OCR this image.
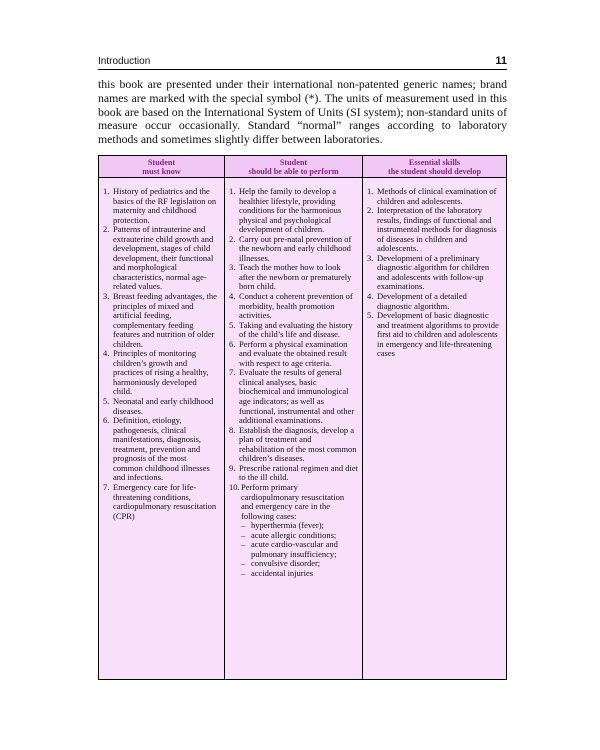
Introduction	11

this book are presented under their international non-patented generic names; brand names are marked with the special symbol (*). The units of measurement used in this book are based on the International System of Units (SI system); non-standard units of measure occur occasionally. Standard “normal” ranges according to laboratory methods and sometimes slightly differ between laboratories.

Student
must know
Student
should be able to perform
Essential skills
the student should develop
1. History of pediatrics and the basics of the RF legislation on maternity and childhood protection.
2. Patterns of intrauterine and extrauterine child growth and development, stages of child development, their functional and morphological characteristics, normal age-related values.
3. Breast feeding advantages, the principles of mixed and artificial feeding, complementary feeding features and nutrition of older children.
4. Principles of monitoring children’s growth and practices of rising a healthy, harmoniously developed child.
5. Neonatal and early childhood diseases.
6. Definition, etiology, pathogenesis, clinical manifestations, diagnosis, treatment, prevention and prognosis of the most common childhood illnesses and infections.
7. Emergency care for life-threatening conditions, cardiopulmonary resuscitation (CPR)
1. Help the family to develop a healthier lifestyle, providing conditions for the harmonious physical and psychological development of children.
2. Carry out pre-natal prevention of the newborn and early childhood illnesses.
3. Teach the mother how to look after the newborn or prematurely born child.
4. Conduct a coherent prevention of morbidity, health promotion activities.
5. Taking and evaluating the history of the child’s life and disease.
6. Perform a physical examination and evaluate the obtained result with respect to age criteria.
7. Evaluate the results of general clinical analyses, basic biochemical and immunological age indicators; as well as functional, instrumental and other additional examinations.
8. Establish the diagnosis, develop a plan of treatment and rehabilitation of the most common children’s diseases.
9. Prescribe rational regimen and diet to the ill child.
10. Perform primary cardiopulmonary resuscitation and emergency care in the following cases:
– hyperthermia (fever);
– acute allergic conditions;
– acute cardio-vascular and pulmonary insufficiency;
– convulsive disorder;
– accidental injuries
1. Methods of clinical examination of children and adolescents.
2. Interpretation of the laboratory results, findings of functional and instrumental methods for diagnosis of diseases in children and adolescents.
3. Development of a preliminary diagnostic algorithm for children and adolescents with follow-up examinations.
4. Development of a detailed diagnostic algorithm.
5. Development of basic diagnostic and treatment algorithms to provide first aid to children and adolescents in emergency and life-threatening cases
